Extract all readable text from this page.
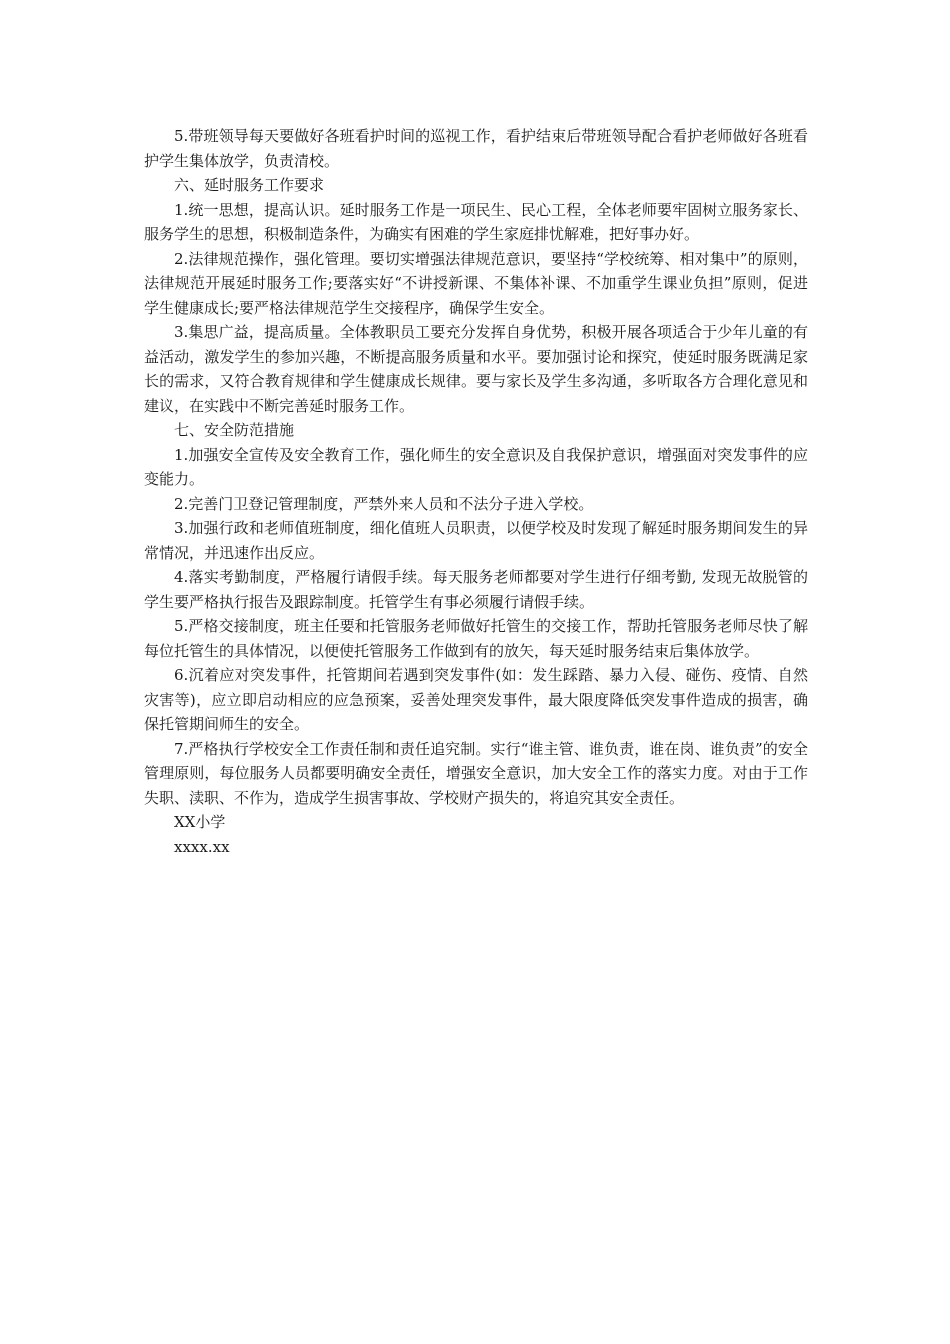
5.带班领导每天要做好各班看护时间的巡视工作，看护结束后带班领导配合看护老师做好各班看护学生集体放学，负责清校。

六、延时服务工作要求

1.统一思想，提高认识。延时服务工作是一项民生、民心工程，全体老师要牢固树立服务家长、服务学生的思想，积极制造条件，为确实有困难的学生家庭排忧解难，把好事办好。

2.法律规范操作，强化管理。要切实增强法律规范意识，要坚持“学校统筹、相对集中”的原则，法律规范开展延时服务工作;要落实好“不讲授新课、不集体补课、不加重学生课业负担”原则，促进学生健康成长;要严格法律规范学生交接程序，确保学生安全。

3.集思广益，提高质量。全体教职员工要充分发挥自身优势，积极开展各项适合于少年儿童的有益活动，激发学生的参加兴趣，不断提高服务质量和水平。要加强讨论和探究，使延时服务既满足家长的需求，又符合教育规律和学生健康成长规律。要与家长及学生多沟通，多听取各方合理化意见和建议，在实践中不断完善延时服务工作。

七、安全防范措施

1.加强安全宣传及安全教育工作，强化师生的安全意识及自我保护意识，增强面对突发事件的应变能力。

2.完善门卫登记管理制度，严禁外来人员和不法分子进入学校。

3.加强行政和老师值班制度，细化值班人员职责，以便学校及时发现了解延时服务期间发生的异常情况，并迅速作出反应。

4.落实考勤制度，严格履行请假手续。每天服务老师都要对学生进行仔细考勤, 发现无故脱管的学生要严格执行报告及跟踪制度。托管学生有事必须履行请假手续。

5.严格交接制度，班主任要和托管服务老师做好托管生的交接工作，帮助托管服务老师尽快了解每位托管生的具体情况，以便使托管服务工作做到有的放矢，每天延时服务结束后集体放学。

6.沉着应对突发事件，托管期间若遇到突发事件(如：发生踩踏、暴力入侵、碰伤、疫情、自然灾害等)，应立即启动相应的应急预案，妥善处理突发事件，最大限度降低突发事件造成的损害，确保托管期间师生的安全。

7.严格执行学校安全工作责任制和责任追究制。实行“谁主管、谁负责，谁在岗、谁负责”的安全管理原则，每位服务人员都要明确安全责任，增强安全意识，加大安全工作的落实力度。对由于工作失职、渎职、不作为，造成学生损害事故、学校财产损失的，将追究其安全责任。

XX小学

xxxx.xx
